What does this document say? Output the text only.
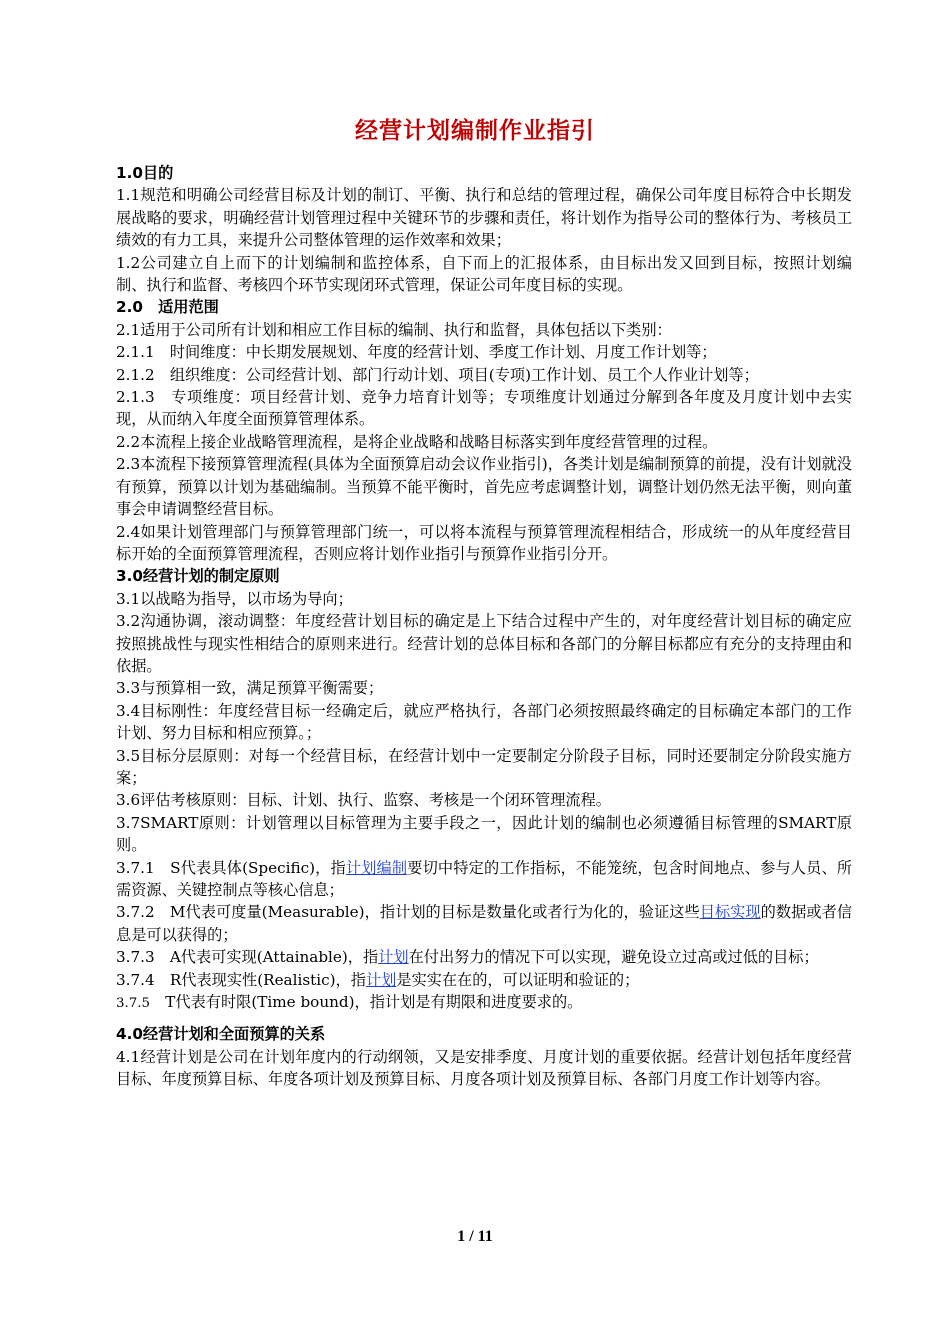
经营计划编制作业指引
1.0目的
1.1规范和明确公司经营目标及计划的制订、平衡、执行和总结的管理过程，确保公司年度目标符合中长期发展战略的要求，明确经营计划管理过程中关键环节的步骤和责任，将计划作为指导公司的整体行为、考核员工绩效的有力工具，来提升公司整体管理的运作效率和效果；
1.2公司建立自上而下的计划编制和监控体系，自下而上的汇报体系，由目标出发又回到目标，按照计划编制、执行和监督、考核四个环节实现闭环式管理，保证公司年度目标的实现。
2.0　适用范围
2.1适用于公司所有计划和相应工作目标的编制、执行和监督，具体包括以下类别：
2.1.1　时间维度：中长期发展规划、年度的经营计划、季度工作计划、月度工作计划等；
2.1.2　组织维度：公司经营计划、部门行动计划、项目(专项)工作计划、员工个人作业计划等；
2.1.3　专项维度：项目经营计划、竞争力培育计划等；专项维度计划通过分解到各年度及月度计划中去实现，从而纳入年度全面预算管理体系。
2.2本流程上接企业战略管理流程，是将企业战略和战略目标落实到年度经营管理的过程。
2.3本流程下接预算管理流程(具体为全面预算启动会议作业指引)，各类计划是编制预算的前提，没有计划就没有预算，预算以计划为基础编制。当预算不能平衡时，首先应考虑调整计划，调整计划仍然无法平衡，则向董事会申请调整经营目标。
2.4如果计划管理部门与预算管理部门统一，可以将本流程与预算管理流程相结合，形成统一的从年度经营目标开始的全面预算管理流程，否则应将计划作业指引与预算作业指引分开。
3.0经营计划的制定原则
3.1以战略为指导，以市场为导向；
3.2沟通协调，滚动调整：年度经营计划目标的确定是上下结合过程中产生的，对年度经营计划目标的确定应按照挑战性与现实性相结合的原则来进行。经营计划的总体目标和各部门的分解目标都应有充分的支持理由和依据。
3.3与预算相一致，满足预算平衡需要；
3.4目标刚性：年度经营目标一经确定后，就应严格执行，各部门必须按照最终确定的目标确定本部门的工作计划、努力目标和相应预算。；
3.5目标分层原则：对每一个经营目标，在经营计划中一定要制定分阶段子目标，同时还要制定分阶段实施方案；
3.6评估考核原则：目标、计划、执行、监察、考核是一个闭环管理流程。
3.7SMART原则：计划管理以目标管理为主要手段之一，因此计划的编制也必须遵循目标管理的SMART原则。
3.7.1　S代表具体(Specific)，指计划编制要切中特定的工作指标，不能笼统，包含时间地点、参与人员、所需资源、关键控制点等核心信息；
3.7.2　M代表可度量(Measurable)，指计划的目标是数量化或者行为化的，验证这些目标实现的数据或者信息是可以获得的；
3.7.3　A代表可实现(Attainable)，指计划在付出努力的情况下可以实现，避免设立过高或过低的目标；
3.7.4　R代表现实性(Realistic)，指计划是实实在在的，可以证明和验证的；
3.7.5　T代表有时限(Time bound)，指计划是有期限和进度要求的。
4.0经营计划和全面预算的关系
4.1经营计划是公司在计划年度内的行动纲领，又是安排季度、月度计划的重要依据。经营计划包括年度经营目标、年度预算目标、年度各项计划及预算目标、月度各项计划及预算目标、各部门月度工作计划等内容。
1 / 11
